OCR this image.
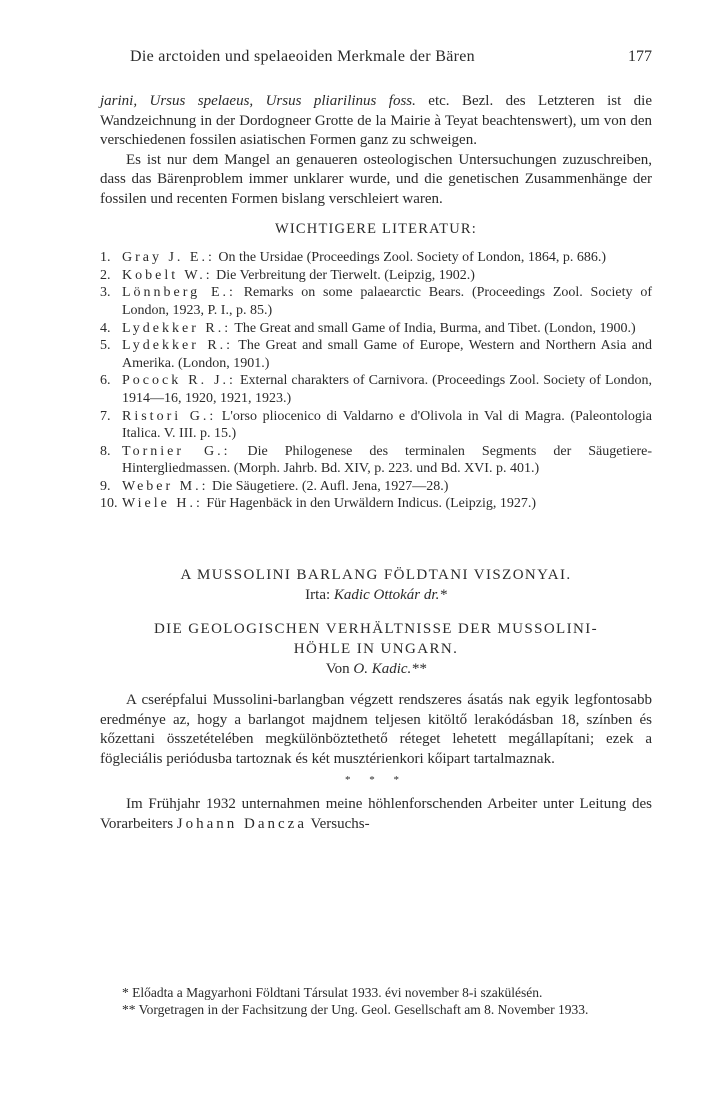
Die arctoiden und spelaeoiden Merkmale der Bären	177

jarini, Ursus spelaeus, Ursus pliarilinus foss. etc. Bezl. des Letzteren ist die Wandzeichnung in der Dordogneer Grotte de la Mairie à Teyat beachtenswert), um von den verschiedenen fossilen asiatischen Formen ganz zu schweigen.

Es ist nur dem Mangel an genaueren osteologischen Untersuchungen zuzuschreiben, dass das Bärenproblem immer unklarer wurde, und die genetischen Zusammenhänge der fossilen und recenten Formen bislang verschleiert waren.

WICHTIGERE LITERATUR:
1. Gray J. E.: On the Ursidae (Proceedings Zool. Society of London, 1864, p. 686.)
2. Kobelt W.: Die Verbreitung der Tierwelt. (Leipzig, 1902.)
3. Lönnberg E.: Remarks on some palaearctic Bears. (Proceedings Zool. Society of London, 1923, P. I., p. 85.)
4. Lydekker R.: The Great and small Game of India, Burma, and Tibet. (London, 1900.)
5. Lydekker R.: The Great and small Game of Europe, Western and Northern Asia and Amerika. (London, 1901.)
6. Pocock R. J.: External charakters of Carnivora. (Proceedings Zool. Society of London, 1914—16, 1920, 1921, 1923.)
7. Ristori G.: L'orso pliocenico di Valdarno e d'Olivola in Val di Magra. (Paleontologia Italica. V. III. p. 15.)
8. Tornier G.: Die Philogenese des terminalen Segments der Säugetiere-Hintergliedmassen. (Morph. Jahrb. Bd. XIV, p. 223. und Bd. XVI. p. 401.)
9. Weber M.: Die Säugetiere. (2. Aufl. Jena, 1927—28.)
10. Wiele H.: Für Hagenbäck in den Urwäldern Indicus. (Leipzig, 1927.)
A MUSSOLINI BARLANG FÖLDTANI VISZONYAI.
Irta: Kadic Ottokár dr.*
DIE GEOLOGISCHEN VERHÄLTNISSE DER MUSSOLINI-
HÖHLE IN UNGARN.
Von O. Kadic.**

A cserépfalui Mussolini-barlangban végzett rendszeres ásatás nak egyik legfontosabb eredménye az, hogy a barlangot majdnem teljesen kitöltő lerakódásban 18, színben és kőzettani összetételében megkülönböztethető réteget lehetett megállapítani; ezek a fögleciális periódusba tartoznak és két musztérienkori kőipart tartalmaznak.

* * *

Im Frühjahr 1932 unternahmen meine höhlenforschenden Arbeiter unter Leitung des Vorarbeiters Johann Dancza Versuchs-

* Előadta a Magyarhoni Földtani Társulat 1933. évi november 8-i szakülésén.

** Vorgetragen in der Fachsitzung der Ung. Geol. Gesellschaft am 8. November 1933.
